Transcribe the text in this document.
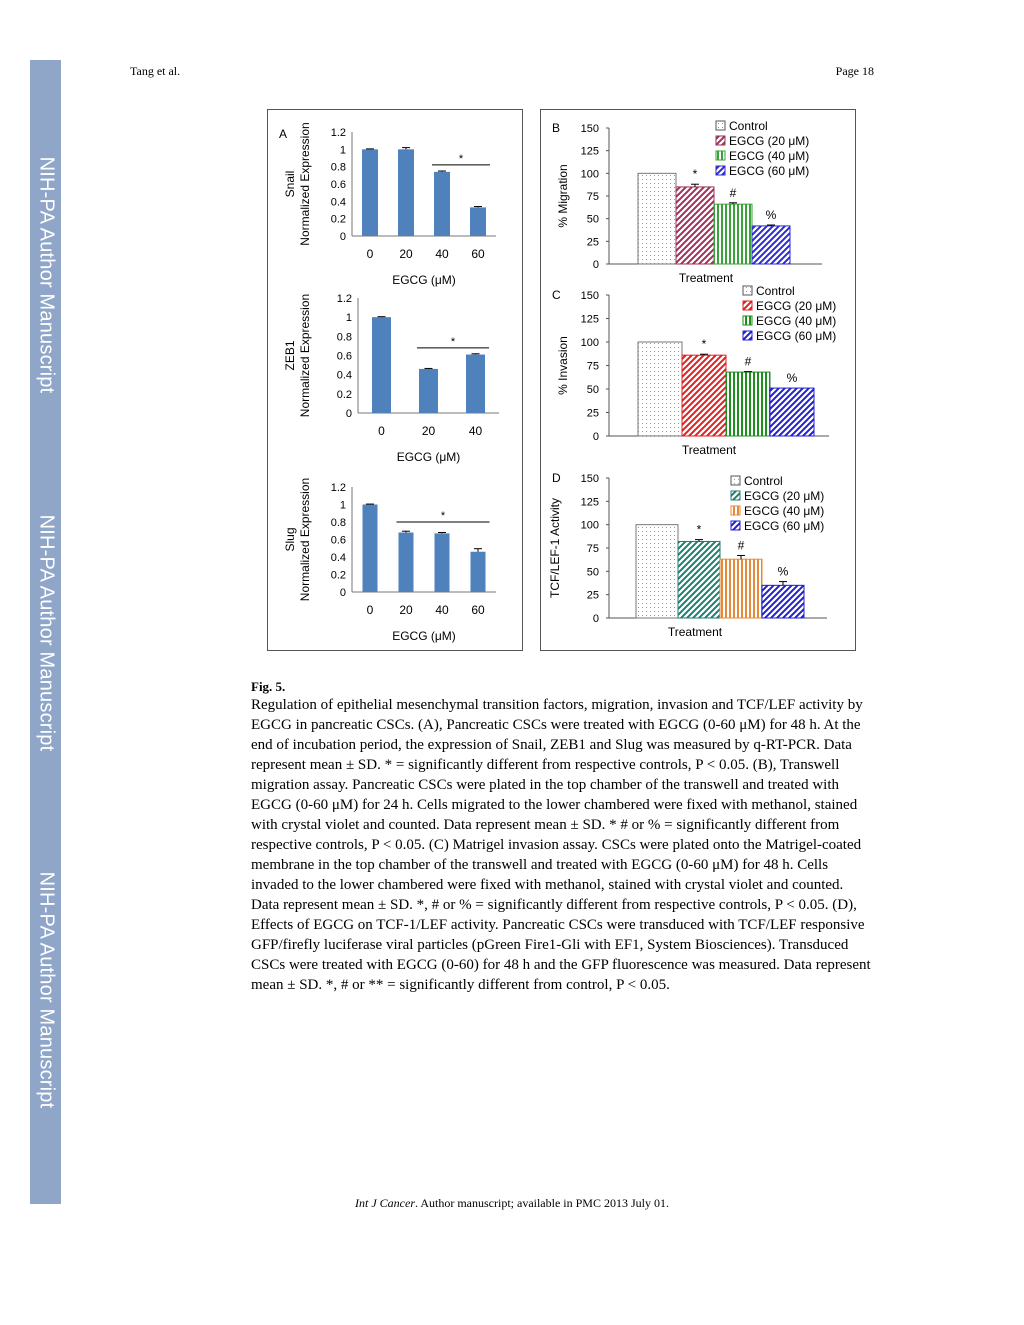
NIH-PA Author Manuscript
NIH-PA Author Manuscript
NIH-PA Author Manuscript
Tang et al.	Page 18
A
0
0.2
0.4
0.6
0.8
1
1.2
0 20 40 60
*
Snail Normalized Expression
EGCG (μM)
0
0.2
0.4
0.6
0.8
1
1.2
0	20	40
*
ZEB1 Normalized Expression
EGCG (μM)
0
0.2
0.4
0.6
0.8
1
1.2
0 20 40 60
*
Slug Normalized Expression
EGCG (μM)
B
0
25
50
75
100
125
150	Control
*
EGCG (20 μM)
#
EGCG (40 μM)
%
EGCG (60 μM)
% Migration
Treatment
C
0
25
50
75
100
125
150	Control
*
EGCG (20 μM)
#
EGCG (40 μM)
%
EGCG (60 μM)
% Invasion
Treatment
D
0
25
50
75
100
125
150	Control
*
EGCG (20 μM)
#
EGCG (40 μM)
%
EGCG (60 μM)
TCF/LEF-1 Activity
Treatment
Fig. 5.
Regulation of epithelial mesenchymal transition factors, migration, invasion and TCF/LEF activity by EGCG in pancreatic CSCs. (A), Pancreatic CSCs were treated with EGCG (0-60 μM) for 48 h. At the end of incubation period, the expression of Snail, ZEB1 and Slug was measured by q-RT-PCR. Data represent mean ± SD. * = significantly different from respective controls, P < 0.05. (B), Transwell migration assay. Pancreatic CSCs were plated in the top chamber of the transwell and treated with EGCG (0-60 μM) for 24 h. Cells migrated to the lower chambered were fixed with methanol, stained with crystal violet and counted. Data represent mean ± SD. * # or % = significantly different from respective controls, P < 0.05. (C) Matrigel invasion assay. CSCs were plated onto the Matrigel-coated membrane in the top chamber of the transwell and treated with EGCG (0-60 μM) for 48 h. Cells invaded to the lower chambered were fixed with methanol, stained with crystal violet and counted. Data represent mean ± SD. *, # or % = significantly different from respective controls, P < 0.05. (D), Effects of EGCG on TCF-1/LEF activity. Pancreatic CSCs were transduced with TCF/LEF responsive GFP/firefly luciferase viral particles (pGreen Fire1-Gli with EF1, System Biosciences). Transduced CSCs were treated with EGCG (0-60) for 48 h and the GFP fluorescence was measured. Data represent mean ± SD. *, # or ** = significantly different from control, P < 0.05.
Int J Cancer. Author manuscript; available in PMC 2013 July 01.
